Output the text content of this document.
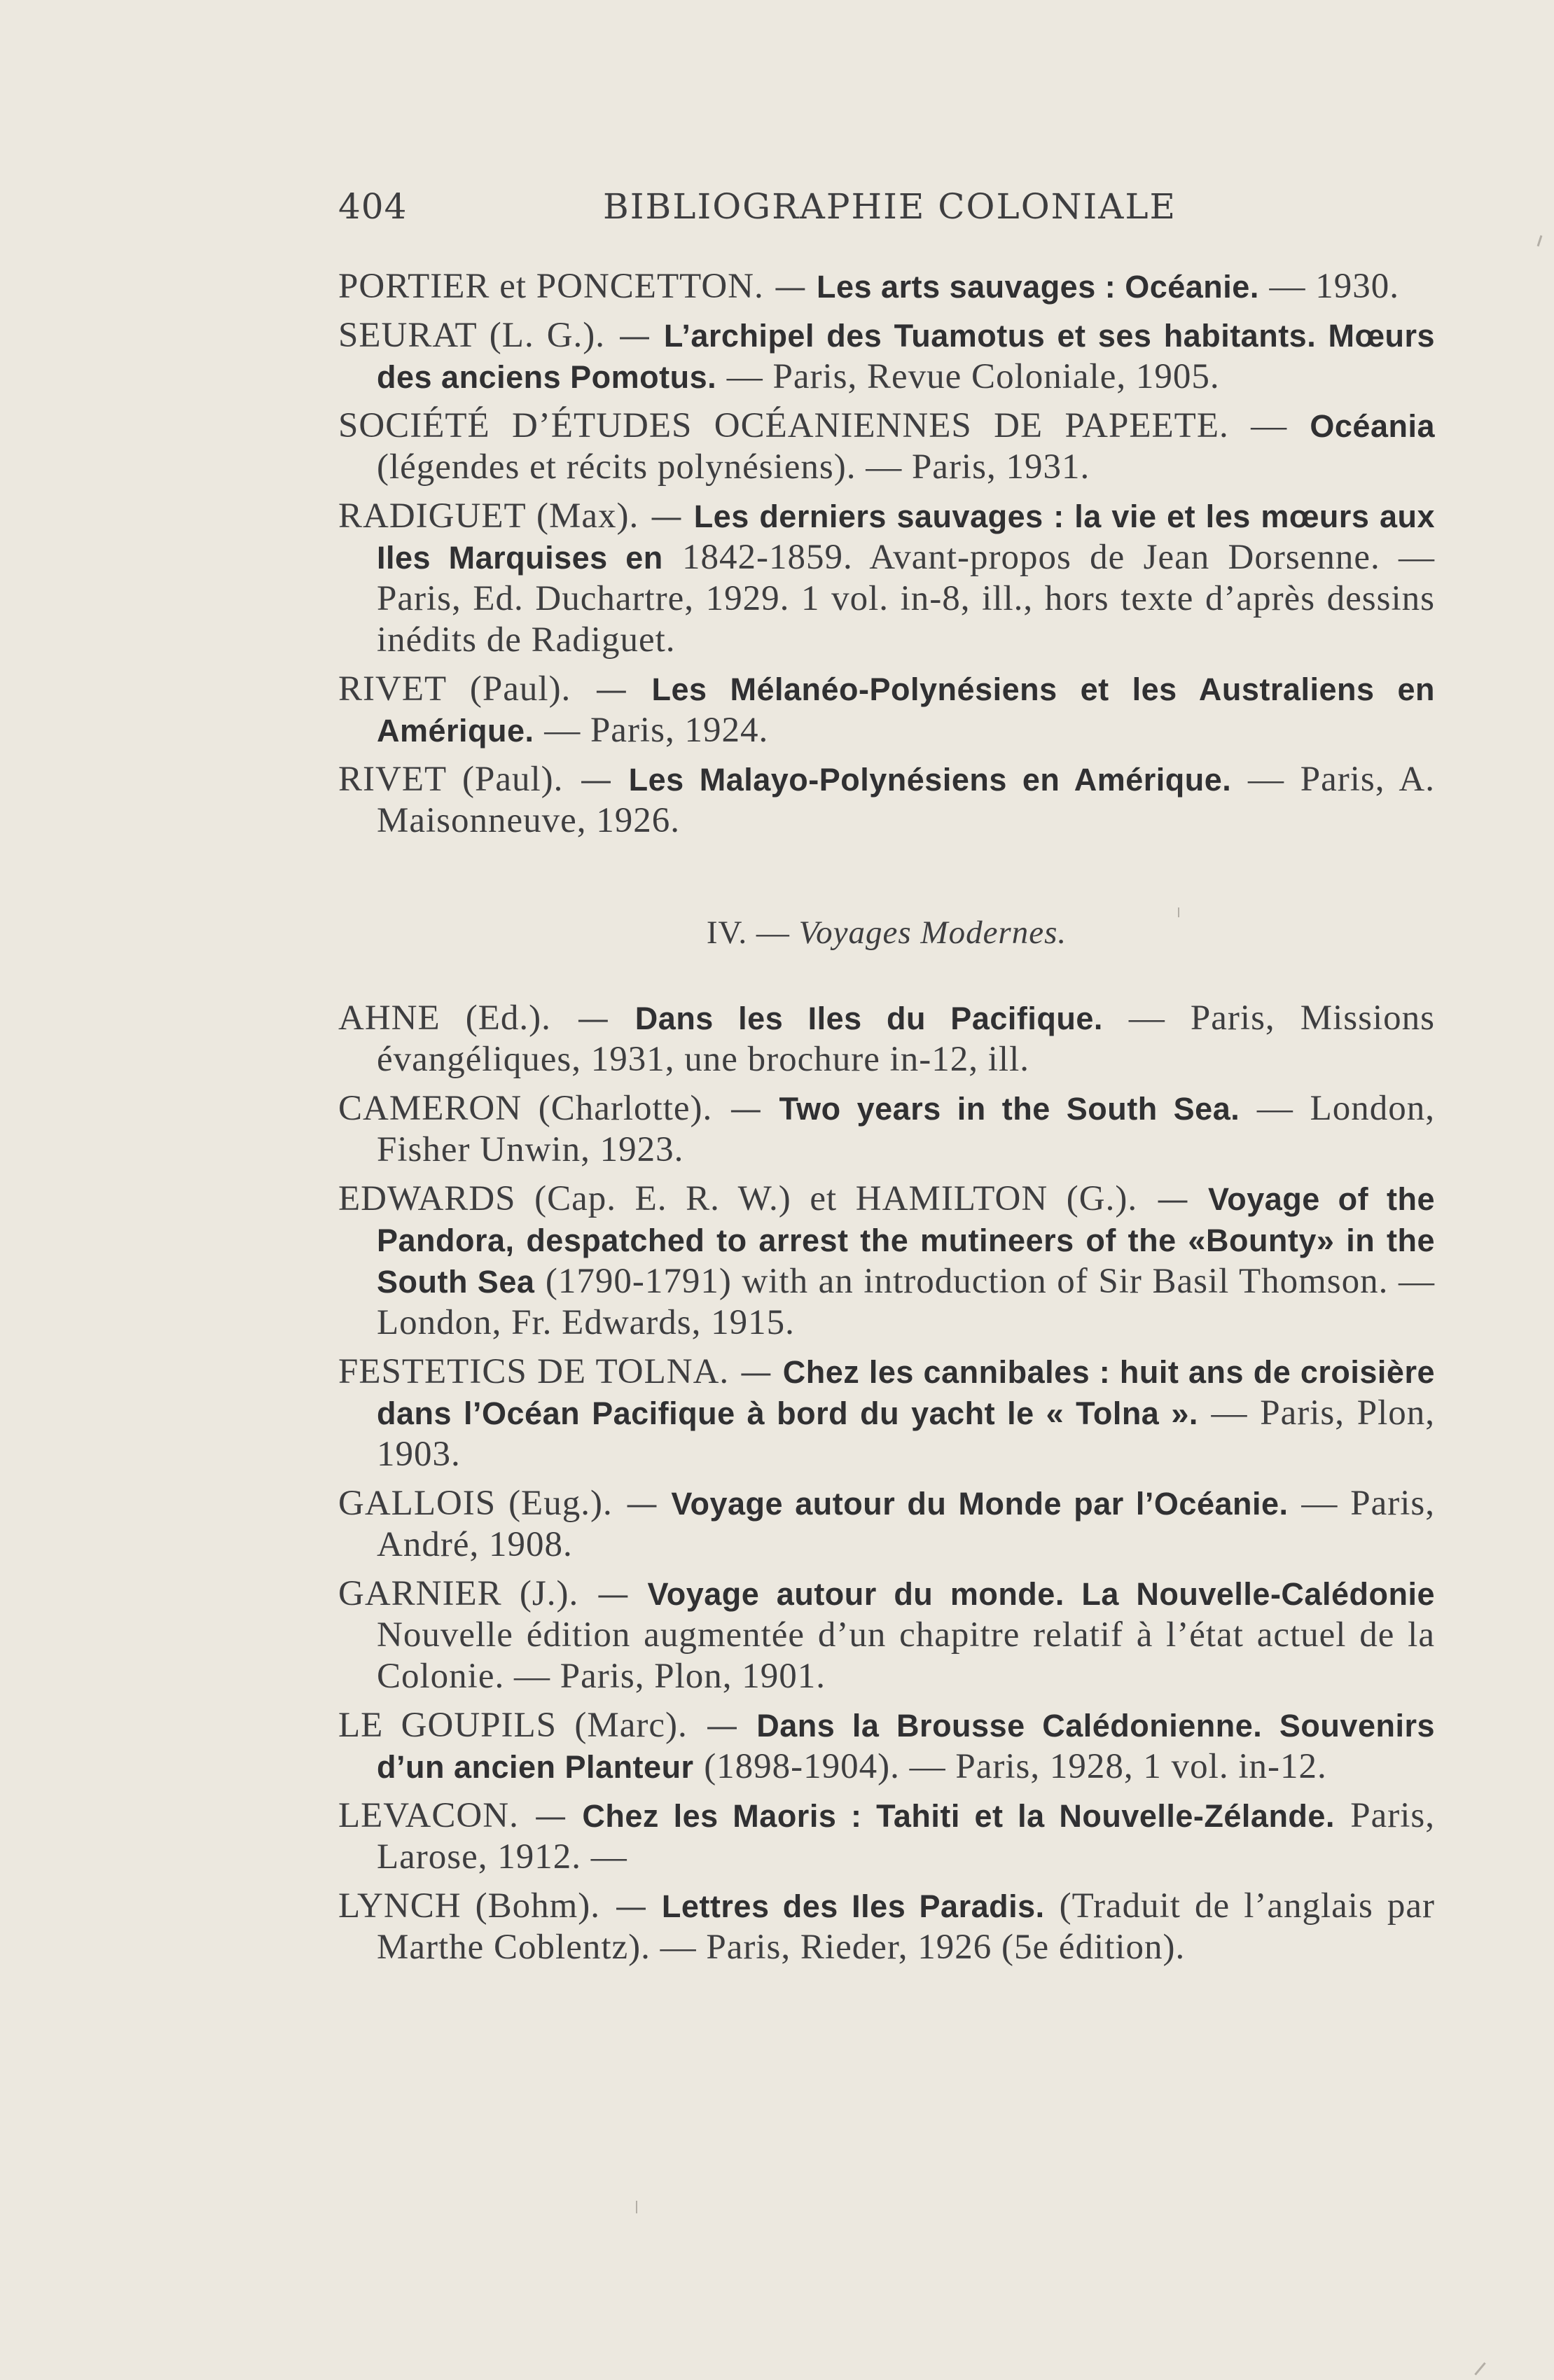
404	BIBLIOGRAPHIE COLONIALE
PORTIER et PONCETTON. — Les arts sauvages : Océanie. — 1930.
SEURAT (L. G.). — L’archipel des Tuamotus et ses habitants. Mœurs des anciens Pomotus. — Paris, Revue Coloniale, 1905.
SOCIÉTÉ D’ÉTUDES OCÉANIENNES DE PAPEETE. — Océania (légendes et récits polynésiens). — Paris, 1931.
RADIGUET (Max). — Les derniers sauvages : la vie et les mœurs aux Iles Marquises en 1842-1859. Avant-propos de Jean Dorsenne. — Paris, Ed. Duchartre, 1929. 1 vol. in-8, ill., hors texte d’après dessins inédits de Radiguet.
RIVET (Paul). — Les Mélanéo-Polynésiens et les Australiens en Amérique. — Paris, 1924.
RIVET (Paul). — Les Malayo-Polynésiens en Amérique. — Paris, A. Maisonneuve, 1926.
IV. — Voyages Modernes.
AHNE (Ed.). — Dans les Iles du Pacifique. — Paris, Missions évangéliques, 1931, une brochure in-12, ill.
CAMERON (Charlotte). — Two years in the South Sea. — London, Fisher Unwin, 1923.
EDWARDS (Cap. E. R. W.) et HAMILTON (G.). — Voyage of the Pandora, despatched to arrest the mutineers of the «Bounty» in the South Sea (1790-1791) with an introduction of Sir Basil Thomson. — London, Fr. Edwards, 1915.
FESTETICS DE TOLNA. — Chez les cannibales : huit ans de croisière dans l’Océan Pacifique à bord du yacht le « Tolna ». — Paris, Plon, 1903.
GALLOIS (Eug.). — Voyage autour du Monde par l’Océanie. — Paris, André, 1908.
GARNIER (J.). — Voyage autour du monde. La Nouvelle-Calédonie Nouvelle édition augmentée d’un chapitre relatif à l’état actuel de la Colonie. — Paris, Plon, 1901.
LE GOUPILS (Marc). — Dans la Brousse Calédonienne. Souvenirs d’un ancien Planteur (1898-1904). — Paris, 1928, 1 vol. in-12.
LEVACON. — Chez les Maoris : Tahiti et la Nouvelle-Zélande. Paris, Larose, 1912. —
LYNCH (Bohm). — Lettres des Iles Paradis. (Traduit de l’anglais par Marthe Coblentz). — Paris, Rieder, 1926 (5e édition).
